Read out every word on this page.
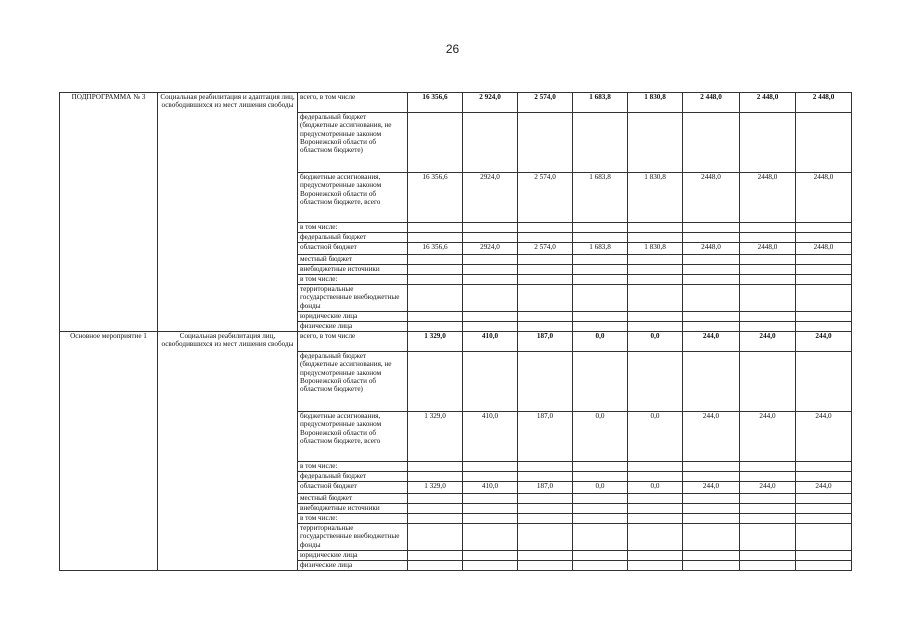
26
ПОДПРОГРАММА № 3	Социальная реабилитация и адаптация лиц, освободившихся из мест лишения свободы	всего, в том числе	16 356,6	2 924,0	2 574,0	1 683,8	1 830,8	2 448,0	2 448,0	2 448,0
		федеральный бюджет (бюджетные ассигнования, не предусмотренные законом Воронежской области об областном бюджете)								
		бюджетные ассигнования, предусмотренные законом Воронежской области об областном бюджете, всего	16 356,6	2924,0	2 574,0	1 683,8	1 830,8	2448,0	2448,0	2448,0
		в том числе:								
		федеральный бюджет								
		областной бюджет	16 356,6	2924,0	2 574,0	1 683,8	1 830,8	2448,0	2448,0	2448,0
		местный бюджет								
		внебюджетные источники								
		в том числе:								
		территориальные государственные внебюджетные фонды								
		юридические лица								
		физические лица								
Основное мероприятие 1	Социальная реабилитация лиц, освободившихся из мест лишения свободы	всего, в том числе	1 329,0	410,0	187,0	0,0	0,0	244,0	244,0	244,0
		федеральный бюджет (бюджетные ассигнования, не предусмотренные законом Воронежской области об областном бюджете)								
		бюджетные ассигнования, предусмотренные законом Воронежской области об областном бюджете, всего	1 329,0	410,0	187,0	0,0	0,0	244,0	244,0	244,0
		в том числе:								
		федеральный бюджет								
		областной бюджет	1 329,0	410,0	187,0	0,0	0,0	244,0	244,0	244,0
		местный бюджет								
		внебюджетные источники								
		в том числе:								
		территориальные государственные внебюджетные фонды								
		юридические лица								
		физические лица								
